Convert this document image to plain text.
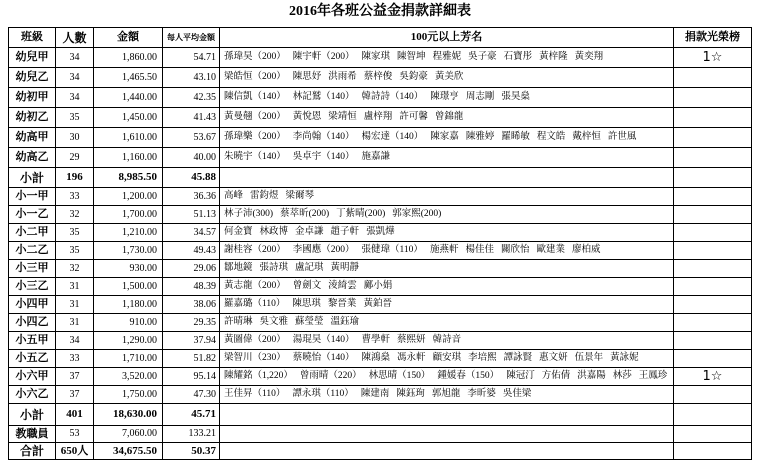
2016年各班公益金捐款詳細表
班級	人數	金額	每人平均金額	100元以上芳名	捐款光榮榜
幼兒甲	34	1,860.00	54.71 孫瑋昊（200） 陳宇軒（200） 陳家琪 陳智坤 程雅妮 吳子豪 石寶彤 黃梓隆 黃奕翔	1☆
幼兒乙	34	1,465.50	43.10 梁皓恒（200） 陳思妤 洪雨希 蔡梓俊 吳鈞豪 黃美欣
幼初甲	34	1,440.00	42.35 陳信凱（140） 林記鷲（140） 韓詩詩（140） 陳璟亨 周志剛 張昊燊
幼初乙	35	1,450.00	41.43 黃曼翹（200） 黃悅恩 梁靖恒 盧梓翔 許可馨 曾錦龍
幼高甲	30	1,610.00	53.67 孫瑋樂（200） 李尚翰（140） 楊宏達（140） 陳家嘉 陳雅婷 羅睎敏 程文皓 戴梓恒 許世風
幼高乙	29	1,160.00	40.00 朱曉宇（140） 吳卓宇（140） 施嘉謙
小計	196	8,985.50	45.88
小一甲	33	1,200.00	36.36 高峰 雷鈞煜 梁爾琴
小一乙	32	1,700.00	51.13 林子沛(300) 蔡萃昕(200) 丁紫晴(200) 郭家熙(200)
小二甲	35	1,210.00	34.57 何金寶 林政博 金卓謙 趙子軒 張凱燁
小二乙	35	1,730.00	49.43 謝桂容（200） 李國應（200） 張健瑋（110） 施燕軒 楊佳佳 關欣怡 歐建業 廖柏威
小三甲	32	930.00	29.06 鄒地鏡 張詩琪 盧記琪 黃明靜
小三乙	31	1,500.00	48.39 黃志龍（200） 曾劍文 淩綺雲 鄺小娟
小四甲	31	1,180.00	38.06 羅嘉璐（110） 陳思琪 黎晉業 黃鉑晉
小四乙	31	910.00	29.35 許晴琳 吳文雅 蘇瑩瑩 溫鈺瑜
小五甲	34	1,290.00	37.94 黃圖偉（200） 湯琨昊（140） 曹學軒 蔡熙妍 韓詩音
小五乙	33	1,710.00	51.82 梁智川（230） 蔡曉怡（140） 陳鴻燊 馮永軒 顧安琪 李培熙 譚詠賢 惠文妍 伍景年 黃詠妮
小六甲	37	3,520.00	95.14 陳耀銘（1,220） 曾雨晴（220） 林思晴（150） 鍾媛春（150） 陳冠汀 方佑倩 洪嘉陽 林莎 王鳳珍	1☆
小六乙	37	1,750.00	47.30 王佳昇（110） 譚永琪（110） 陳建南 陳鈺珣 郭旭龍 李昕婆 吳佳梁
小計	401	18,630.00	45.71
教職員	53	7,060.00	133.21
合計	650人	34,675.50	50.37
